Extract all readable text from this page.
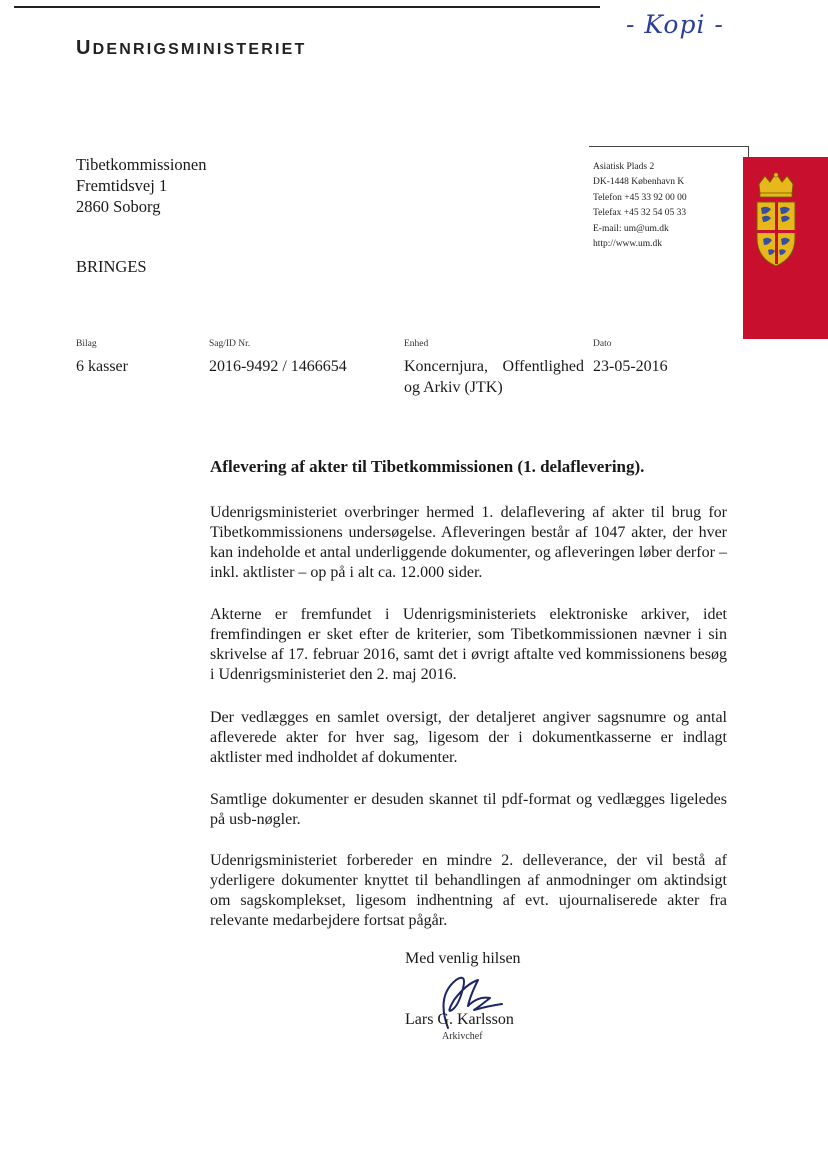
UDENRIGSMINISTERIET
- Kopi -
Tibetkommissionen
Fremtidsvej 1
2860 Soborg
BRINGES
Asiatisk Plads 2
DK-1448 København K
Telefon +45 33 92 00 00
Telefax +45 32 54 05 33
E-mail: um@um.dk
http://www.um.dk
Bilag
6 kasser
Sag/ID Nr.
2016-9492 / 1466654
Enhed
Koncernjura, Offentlighed og Arkiv (JTK)
Dato
23-05-2016
Aflevering af akter til Tibetkommissionen (1. delaflevering).
Udenrigsministeriet overbringer hermed 1. delaflevering af akter til brug for Tibetkommissionens undersøgelse. Afleveringen består af 1047 akter, der hver kan indeholde et antal underliggende dokumenter, og afleveringen løber derfor – inkl. aktlister – op på i alt ca. 12.000 sider.
Akterne er fremfundet i Udenrigsministeriets elektroniske arkiver, idet fremfindingen er sket efter de kriterier, som Tibetkommissionen nævner i sin skrivelse af 17. februar 2016, samt det i øvrigt aftalte ved kommissionens besøg i Udenrigsministeriet den 2. maj 2016.
Der vedlægges en samlet oversigt, der detaljeret angiver sagsnumre og antal afleverede akter for hver sag, ligesom der i dokumentkasserne er indlagt aktlister med indholdet af dokumenter.
Samtlige dokumenter er desuden skannet til pdf-format og vedlægges ligeledes på usb-nøgler.
Udenrigsministeriet forbereder en mindre 2. delleverance, der vil bestå af yderligere dokumenter knyttet til behandlingen af anmodninger om aktindsigt om sagskomplekset, ligesom indhentning af evt. ujournaliserede akter fra relevante medarbejdere fortsat pågår.
Med venlig hilsen
Lars G. Karlsson
Arkivchef
